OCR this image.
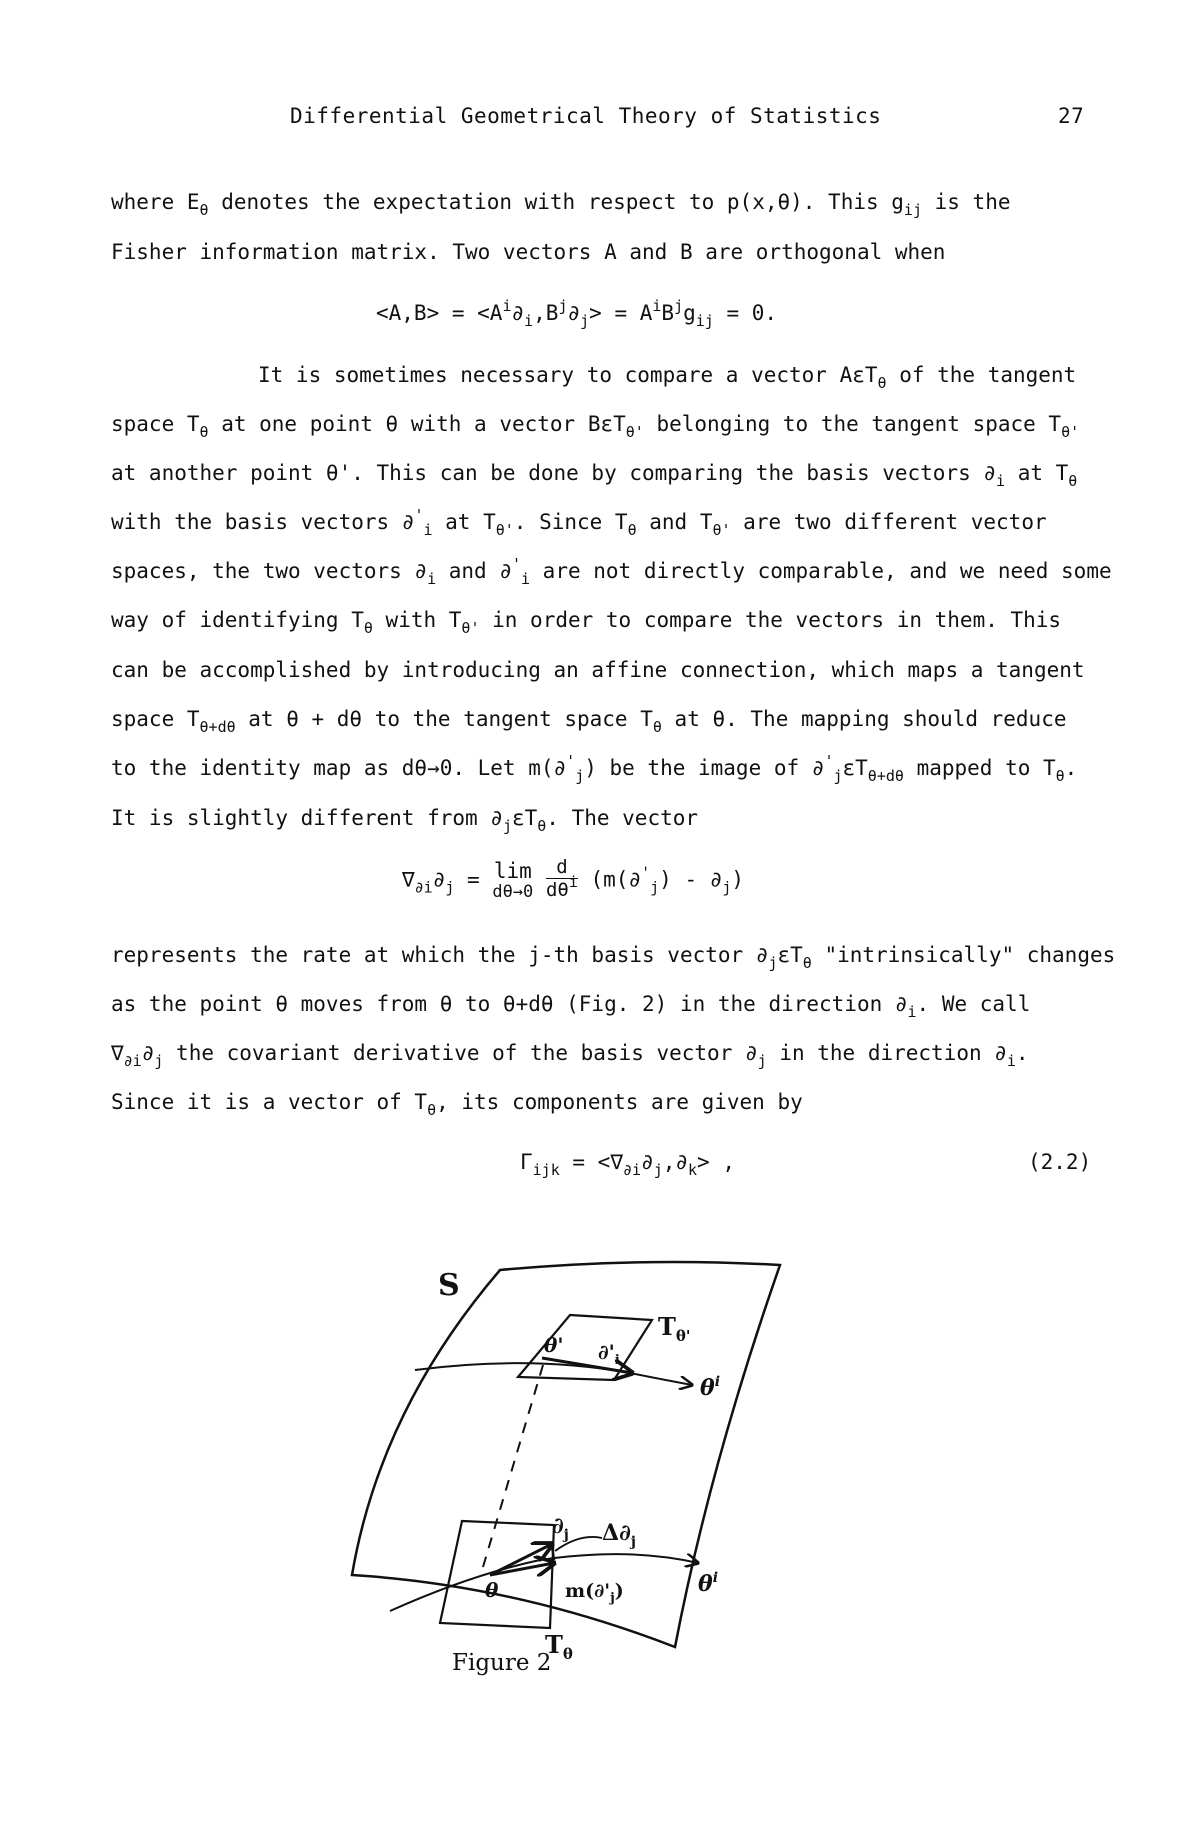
Differential Geometrical Theory of Statistics	27
where $E_\theta$ denotes the expectation with respect to p(x,θ). This $g_{ij}$ is the
Fisher information matrix. Two vectors A and B are orthogonal when
$<A,B> = <A^i\partial_i,B^j\partial_j> = A^iB^jg_{ij} = 0$.
It is sometimes necessary to compare a vector AεT$_\theta$ of the tangent
space $T_\theta$ at one point θ with a vector BεT$_{\theta'}$ belonging to the tangent space $T_{\theta'}$
at another point θ'. This can be done by comparing the basis vectors $\partial_i$ at $T_\theta$
with the basis vectors $\partial'_i$ at $T_{\theta'}$. Since $T_\theta$ and $T_{\theta'}$ are two different vector
spaces, the two vectors $\partial_i$ and $\partial'_i$ are not directly comparable, and we need some
way of identifying $T_\theta$ with $T_{\theta'}$ in order to compare the vectors in them. This
can be accomplished by introducing an affine connection, which maps a tangent
space $T_{\theta+d\theta}$ at θ + dθ to the tangent space $T_\theta$ at θ. The mapping should reduce
to the identity map as dθ→0. Let $m(\partial'_j)$ be the image of $\partial'_j\varepsilon T_{\theta+d\theta}$ mapped to $T_\theta$.
It is slightly different from $\partial_j\varepsilon T_\theta$. The vector
$\nabla_{\partial i}\partial_j = \lim$
dθ→0
$\frac{d}{d\theta^i} (m(\partial'_j) - \partial_j)$
represents the rate at which the j-th basis vector $\partial_j\varepsilon T_\theta$ "intrinsically" changes
as the point θ moves from θ to θ+dθ (Fig. 2) in the direction $\partial_i$. We call
$\nabla_{\partial i}\partial_j$ the covariant derivative of the basis vector $\partial_j$ in the direction $\partial_i$.
Since it is a vector of $T_\theta$, its components are given by
$\Gamma_{ijk} = <\nabla_{\partial i}\partial_j,\partial_k>$ ,	(2.2)
S
$T_{\theta'}$
θ' $\partial'_i$
$\theta^i$
$\partial_j$ $\Delta\partial_j$
θ	$m(\partial'_j)$	$\theta^i$
$T_\theta$
Figure 2
